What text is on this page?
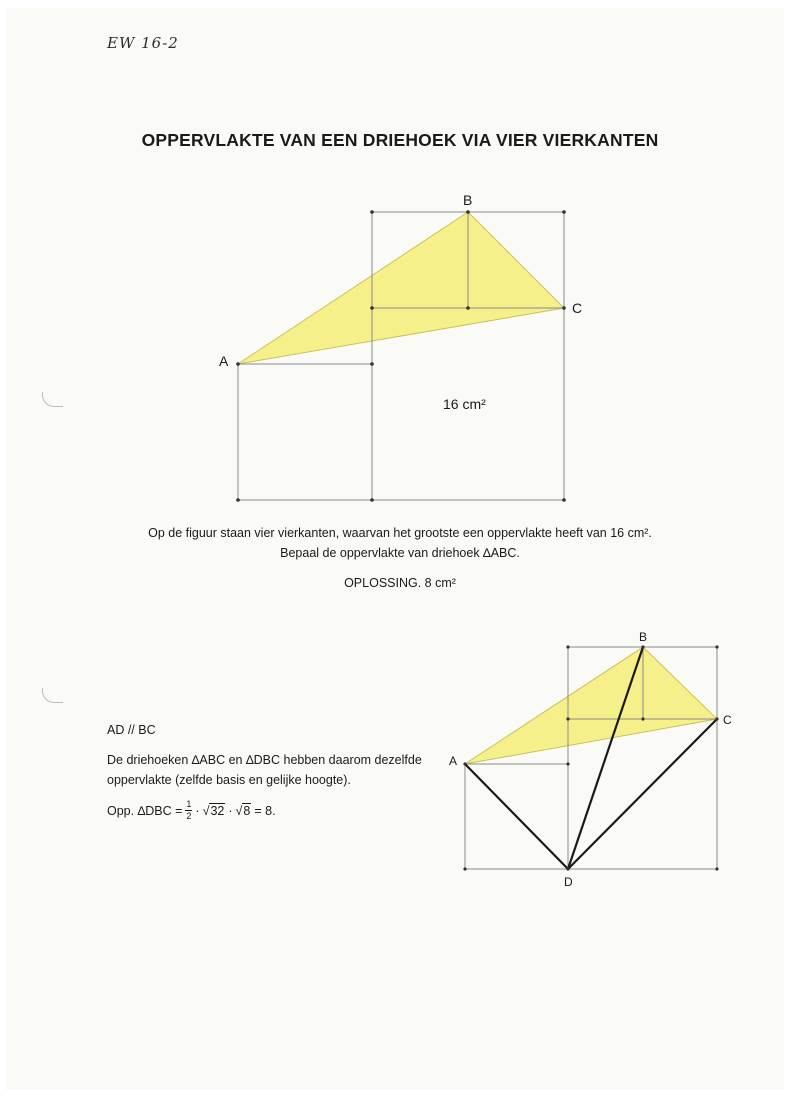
EW 16-2
OPPERVLAKTE VAN EEN DRIEHOEK VIA VIER VIERKANTEN
A
B
C
16 cm²
A
B
C
D
Op de figuur staan vier vierkanten, waarvan het grootste een oppervlakte heeft van 16 cm².
Bepaal de oppervlakte van driehoek ∆ABC.
OPLOSSING. 8 cm²

AD // BC

De driehoeken ∆ABC en ∆DBC hebben daarom dezelfde oppervlakte (zelfde basis en gelijke hoogte).

Opp. $\Delta DBC = \frac{1}{2} \cdot √32 \cdot √8 = 8$.
